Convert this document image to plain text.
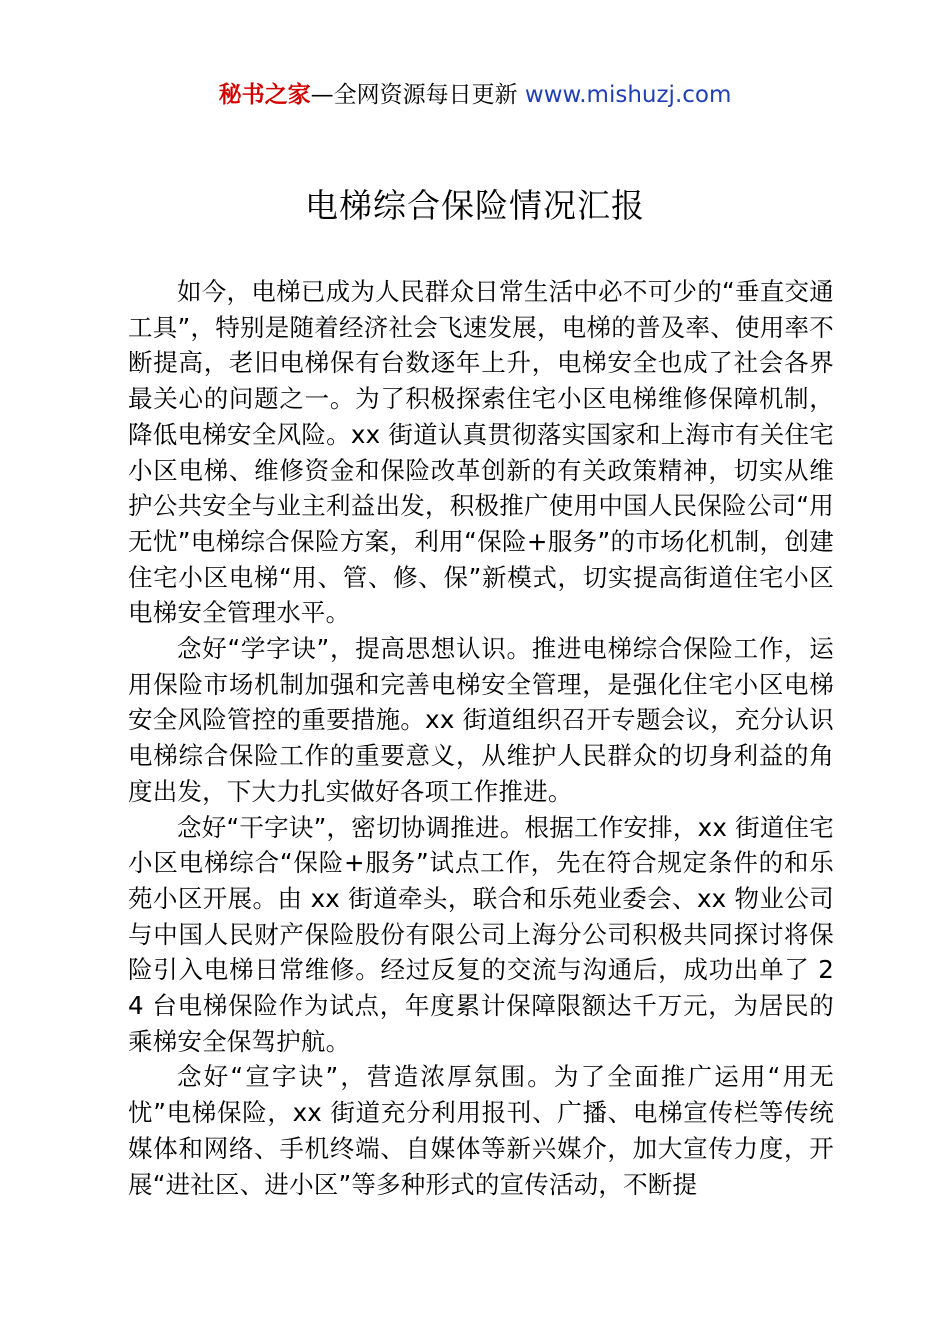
秘书之家—全网资源每日更新 www.mishuzj.com
电梯综合保险情况汇报

如今，电梯已成为人民群众日常生活中必不可少的“垂直交通工具”，特别是随着经济社会飞速发展，电梯的普及率、使用率不断提高，老旧电梯保有台数逐年上升，电梯安全也成了社会各界最关心的问题之一。为了积极探索住宅小区电梯维修保障机制，降低电梯安全风险。xx 街道认真贯彻落实国家和上海市有关住宅小区电梯、维修资金和保险改革创新的有关政策精神，切实从维护公共安全与业主利益出发，积极推广使用中国人民保险公司“用无忧”电梯综合保险方案，利用“保险+服务”的市场化机制，创建住宅小区电梯“用、管、修、保”新模式，切实提高街道住宅小区电梯安全管理水平。

念好“学字诀”，提高思想认识。推进电梯综合保险工作，运用保险市场机制加强和完善电梯安全管理，是强化住宅小区电梯安全风险管控的重要措施。xx 街道组织召开专题会议，充分认识电梯综合保险工作的重要意义，从维护人民群众的切身利益的角度出发，下大力扎实做好各项工作推进。

念好“干字诀”，密切协调推进。根据工作安排，xx 街道住宅小区电梯综合“保险+服务”试点工作，先在符合规定条件的和乐苑小区开展。由 xx 街道牵头，联合和乐苑业委会、xx 物业公司与中国人民财产保险股份有限公司上海分公司积极共同探讨将保险引入电梯日常维修。经过反复的交流与沟通后，成功出单了 24 台电梯保险作为试点，年度累计保障限额达千万元，为居民的乘梯安全保驾护航。

念好“宣字诀”，营造浓厚氛围。为了全面推广运用“用无忧”电梯保险，xx 街道充分利用报刊、广播、电梯宣传栏等传统媒体和网络、手机终端、自媒体等新兴媒介，加大宣传力度，开展“进社区、进小区”等多种形式的宣传活动，不断提
